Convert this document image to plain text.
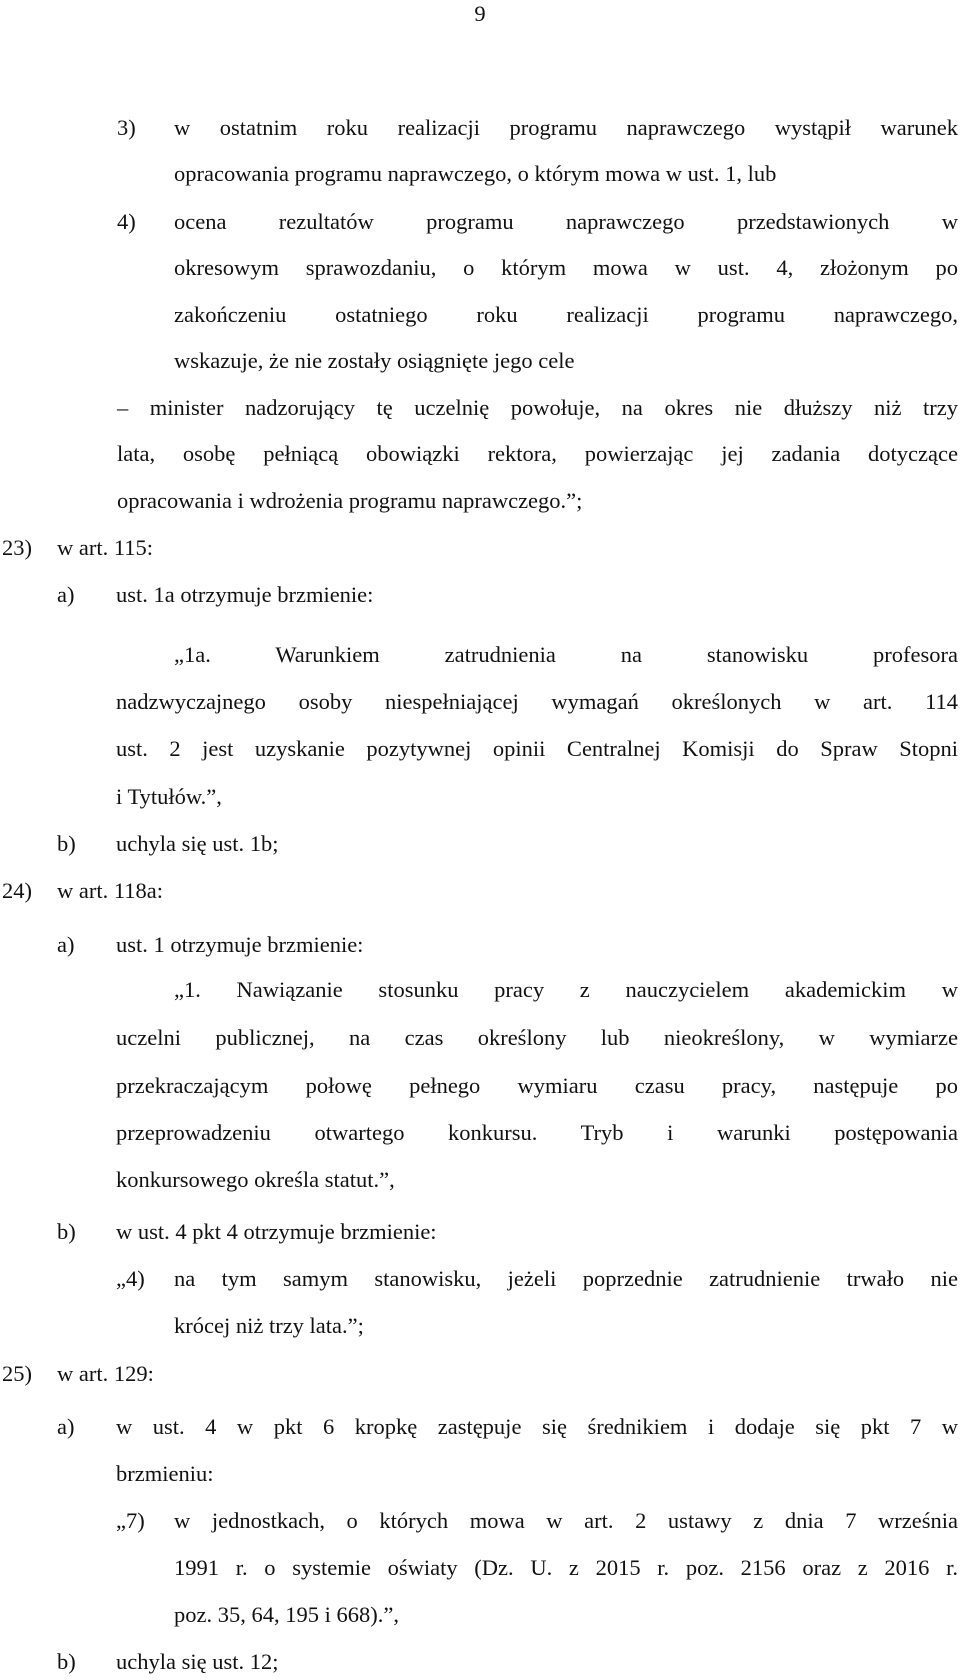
9
3) w ostatnim roku realizacji programu naprawczego wystąpił warunek
opracowania programu naprawczego, o którym mowa w ust. 1, lub
4) ocena rezultatów programu naprawczego przedstawionych w
okresowym sprawozdaniu, o którym mowa w ust. 4, złożonym po
zakończeniu ostatniego roku realizacji programu naprawczego,
wskazuje, że nie zostały osiągnięte jego cele
– minister nadzorujący tę uczelnię powołuje, na okres nie dłuższy niż trzy
lata, osobę pełniącą obowiązki rektora, powierzając jej zadania dotyczące
opracowania i wdrożenia programu naprawczego.”;
23) w art. 115:
a) ust. 1a otrzymuje brzmienie:
„1a. Warunkiem zatrudnienia na stanowisku profesora
nadzwyczajnego osoby niespełniającej wymagań określonych w art. 114
ust. 2 jest uzyskanie pozytywnej opinii Centralnej Komisji do Spraw Stopni
i Tytułów.”,
b) uchyla się ust. 1b;
24) w art. 118a:
a) ust. 1 otrzymuje brzmienie:
„1. Nawiązanie stosunku pracy z nauczycielem akademickim w
uczelni publicznej, na czas określony lub nieokreślony, w wymiarze
przekraczającym połowę pełnego wymiaru czasu pracy, następuje po
przeprowadzeniu otwartego konkursu. Tryb i warunki postępowania
konkursowego określa statut.”,
b) w ust. 4 pkt 4 otrzymuje brzmienie:
„4) na tym samym stanowisku, jeżeli poprzednie zatrudnienie trwało nie
krócej niż trzy lata.”;
25) w art. 129:
a) w ust. 4 w pkt 6 kropkę zastępuje się średnikiem i dodaje się pkt 7 w
brzmieniu:
„7) w jednostkach, o których mowa w art. 2 ustawy z dnia 7 września
1991 r. o systemie oświaty (Dz. U. z 2015 r. poz. 2156 oraz z 2016 r.
poz. 35, 64, 195 i 668).”,
b) uchyla się ust. 12;
